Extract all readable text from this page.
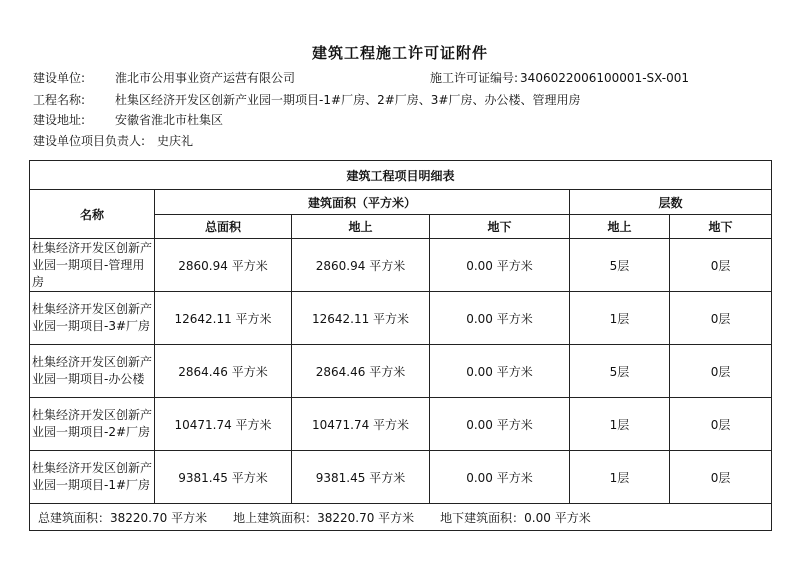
建筑工程施工许可证附件
建设单位:	淮北市公用事业资产运营有限公司	施工许可证编号: 3406022006100001-SX-001
工程名称:	杜集区经济开发区创新产业园一期项目-1#厂房、2#厂房、3#厂房、办公楼、管理用房
建设地址:	安徽省淮北市杜集区
建设单位项目负责人: 史庆礼
建筑工程项目明细表					
名称	建筑面积（平方米）			层数	
	总面积	地上	地下	地上	地下
杜集经济开发区创新产业园一期项目-管理用房	2860.94 平方米	2860.94 平方米	0.00 平方米	5层	0层
杜集经济开发区创新产业园一期项目-3#厂房	12642.11 平方米	12642.11 平方米	0.00 平方米	1层	0层
杜集经济开发区创新产业园一期项目-办公楼	2864.46 平方米	2864.46 平方米	0.00 平方米	5层	0层
杜集经济开发区创新产业园一期项目-2#厂房	10471.74 平方米	10471.74 平方米	0.00 平方米	1层	0层
杜集经济开发区创新产业园一期项目-1#厂房	9381.45 平方米	9381.45 平方米	0.00 平方米	1层	0层
总建筑面积：38220.70 平方米 地上建筑面积：38220.70 平方米 地下建筑面积：0.00 平方米					
